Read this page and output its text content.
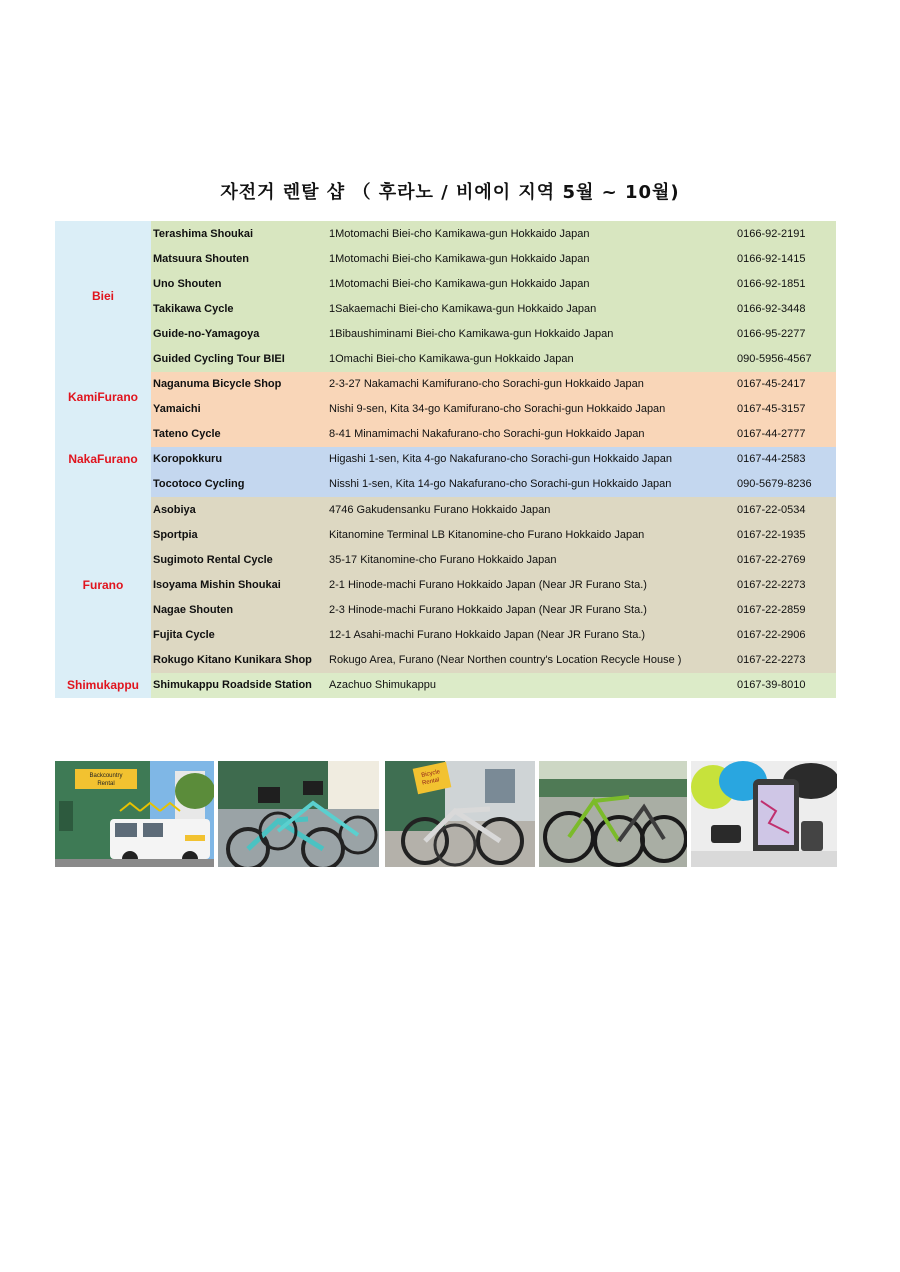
자전거 렌탈 샵 （ 후라노 / 비에이 지역 5월 ~ 10월)
Biei	Terashima Shoukai	1Motomachi Biei-cho Kamikawa-gun Hokkaido Japan	0166-92-2191
	Matsuura Shouten	1Motomachi Biei-cho Kamikawa-gun Hokkaido Japan	0166-92-1415
	Uno Shouten	1Motomachi Biei-cho Kamikawa-gun Hokkaido Japan	0166-92-1851
	Takikawa Cycle	1Sakaemachi Biei-cho Kamikawa-gun Hokkaido Japan	0166-92-3448
	Guide-no-Yamagoya	1Bibaushiminami Biei-cho Kamikawa-gun Hokkaido Japan	0166-95-2277
	Guided Cycling Tour BIEI	1Omachi Biei-cho Kamikawa-gun Hokkaido Japan	090-5956-4567
KamiFurano	Naganuma Bicycle Shop	2-3-27 Nakamachi Kamifurano-cho Sorachi-gun Hokkaido Japan	0167-45-2417
	Yamaichi	Nishi 9-sen, Kita 34-go Kamifurano-cho Sorachi-gun Hokkaido Japan	0167-45-3157
	Tateno Cycle	8-41 Minamimachi Nakafurano-cho Sorachi-gun Hokkaido Japan	0167-44-2777
NakaFurano	Koropokkuru	Higashi 1-sen, Kita 4-go Nakafurano-cho Sorachi-gun Hokkaido Japan	0167-44-2583
	Tocotoco Cycling	Nisshi 1-sen, Kita 14-go Nakafurano-cho Sorachi-gun Hokkaido Japan	090-5679-8236
Furano	Asobiya	4746 Gakudensanku Furano Hokkaido Japan	0167-22-0534
	Sportpia	Kitanomine Terminal LB Kitanomine-cho Furano Hokkaido Japan	0167-22-1935
	Sugimoto Rental Cycle	35-17 Kitanomine-cho Furano Hokkaido Japan	0167-22-2769
	Isoyama Mishin Shoukai	2-1 Hinode-machi Furano Hokkaido Japan (Near JR Furano Sta.)	0167-22-2273
	Nagae Shouten	2-3 Hinode-machi Furano Hokkaido Japan (Near JR Furano Sta.)	0167-22-2859
	Fujita Cycle	12-1 Asahi-machi Furano Hokkaido Japan (Near JR Furano Sta.)	0167-22-2906
	Rokugo Kitano Kunikara Shop	Rokugo Area, Furano (Near Northen country's Location Recycle House )	0167-22-2273
Shimukappu	Shimukappu Roadside Station	Azachuo Shimukappu	0167-39-8010
Backcountry
Rental
Bicycle
Rental
